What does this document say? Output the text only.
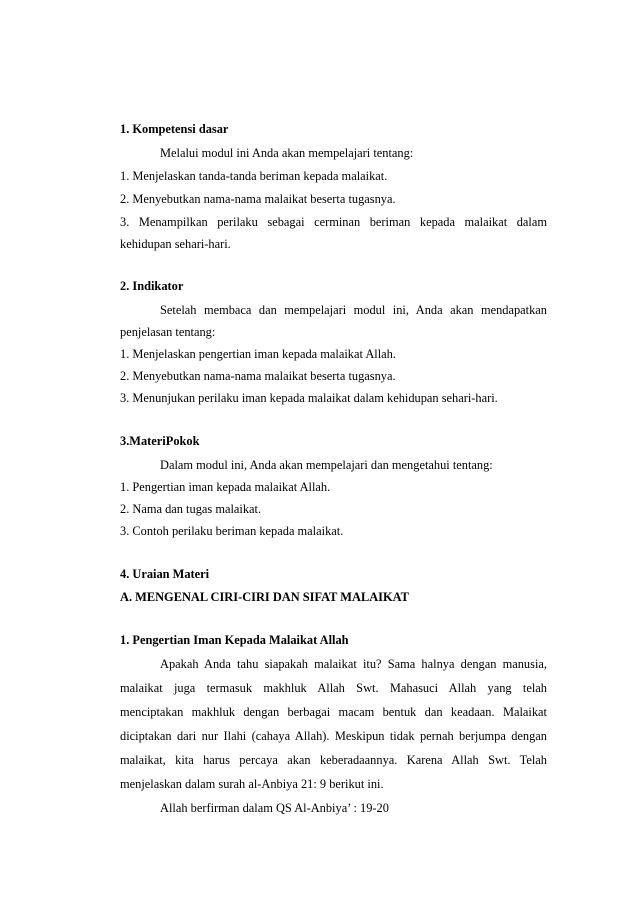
1. Kompetensi dasar
Melalui modul ini Anda akan mempelajari tentang:
1. Menjelaskan tanda-tanda beriman kepada malaikat.
2. Menyebutkan nama-nama malaikat beserta tugasnya.
3. Menampilkan perilaku sebagai cerminan beriman kepada malaikat dalam
kehidupan sehari-hari.
2. Indikator
Setelah membaca dan mempelajari modul ini, Anda akan mendapatkan
penjelasan tentang:
1. Menjelaskan pengertian iman kepada malaikat Allah.
2. Menyebutkan nama-nama malaikat beserta tugasnya.
3. Menunjukan perilaku iman kepada malaikat dalam kehidupan sehari-hari.
3.MateriPokok
Dalam modul ini, Anda akan mempelajari dan mengetahui tentang:
1. Pengertian iman kepada malaikat Allah.
2. Nama dan tugas malaikat.
3. Contoh perilaku beriman kepada malaikat.
4. Uraian Materi
A. MENGENAL CIRI-CIRI DAN SIFAT MALAIKAT
1. Pengertian Iman Kepada Malaikat Allah
Apakah Anda tahu siapakah malaikat itu? Sama halnya dengan manusia,
malaikat juga termasuk makhluk Allah Swt. Mahasuci Allah yang telah
menciptakan makhluk dengan berbagai macam bentuk dan keadaan. Malaikat
diciptakan dari nur Ilahi (cahaya Allah). Meskipun tidak pernah berjumpa dengan
malaikat, kita harus percaya akan keberadaannya. Karena Allah Swt. Telah
menjelaskan dalam surah al-Anbiya 21: 9 berikut ini.
Allah berfirman dalam QS Al-Anbiya’ : 19-20
